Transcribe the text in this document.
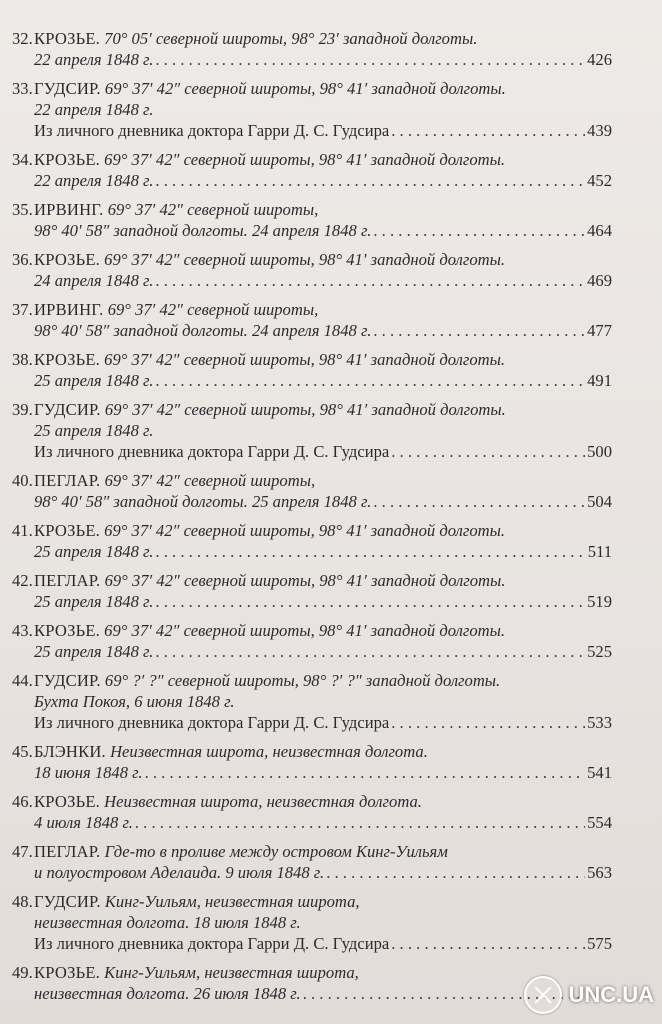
32. КРОЗЬЕ.
70° 05′ северной широты, 98° 23′ западной долготы.
22 апреля 1848 г. . . .	426
33. ГУДСИР.
69° 37′ 42″ северной широты, 98° 41′ западной долготы.
22 апреля 1848 г.
Из личного дневника доктора Гарри Д. С. Гудсира . . .	439
34. КРОЗЬЕ.
69° 37′ 42″ северной широты, 98° 41′ западной долготы.
22 апреля 1848 г. . . .	452
35. ИРВИНГ.
69° 37′ 42″ северной широты,
98° 40′ 58″ западной долготы. 24 апреля 1848 г. . . .	464
36. КРОЗЬЕ.
69° 37′ 42″ северной широты, 98° 41′ западной долготы.
24 апреля 1848 г. . . .	469
37. ИРВИНГ.
69° 37′ 42″ северной широты,
98° 40′ 58″ западной долготы. 24 апреля 1848 г. . . .	477
38. КРОЗЬЕ.
69° 37′ 42″ северной широты, 98° 41′ западной долготы.
25 апреля 1848 г. . . .	491
39. ГУДСИР.
69° 37′ 42″ северной широты, 98° 41′ западной долготы.
25 апреля 1848 г.
Из личного дневника доктора Гарри Д. С. Гудсира . . .	500
40. ПЕГЛАР.
69° 37′ 42″ северной широты,
98° 40′ 58″ западной долготы. 25 апреля 1848 г. . . .	504
41. КРОЗЬЕ.
69° 37′ 42″ северной широты, 98° 41′ западной долготы.
25 апреля 1848 г. . . .	511
42. ПЕГЛАР.
69° 37′ 42″ северной широты, 98° 41′ западной долготы.
25 апреля 1848 г. . . .	519
43. КРОЗЬЕ.
69° 37′ 42″ северной широты, 98° 41′ западной долготы.
25 апреля 1848 г. . . .	525
44. ГУДСИР.
69° ?′ ?″ северной широты, 98° ?′ ?″ западной долготы.
Бухта Покоя, 6 июня 1848 г.
Из личного дневника доктора Гарри Д. С. Гудсира . . .	533
45. БЛЭНКИ.
Неизвестная широта, неизвестная долгота.
18 июня 1848 г. . . .	541
46. КРОЗЬЕ.
Неизвестная широта, неизвестная долгота.
4 июля 1848 г. . . .	554
47. ПЕГЛАР.
Где-то в проливе между островом Кинг-Уильям
и полуостровом Аделаида. 9 июля 1848 г. . . .	563
48. ГУДСИР.
Кинг-Уильям, неизвестная широта,
неизвестная долгота. 18 июля 1848 г.
Из личного дневника доктора Гарри Д. С. Гудсира . . .	575
49. КРОЗЬЕ.
Кинг-Уильям, неизвестная широта,
неизвестная долгота. 26 июля 1848 г. . . .	UNC.UA
